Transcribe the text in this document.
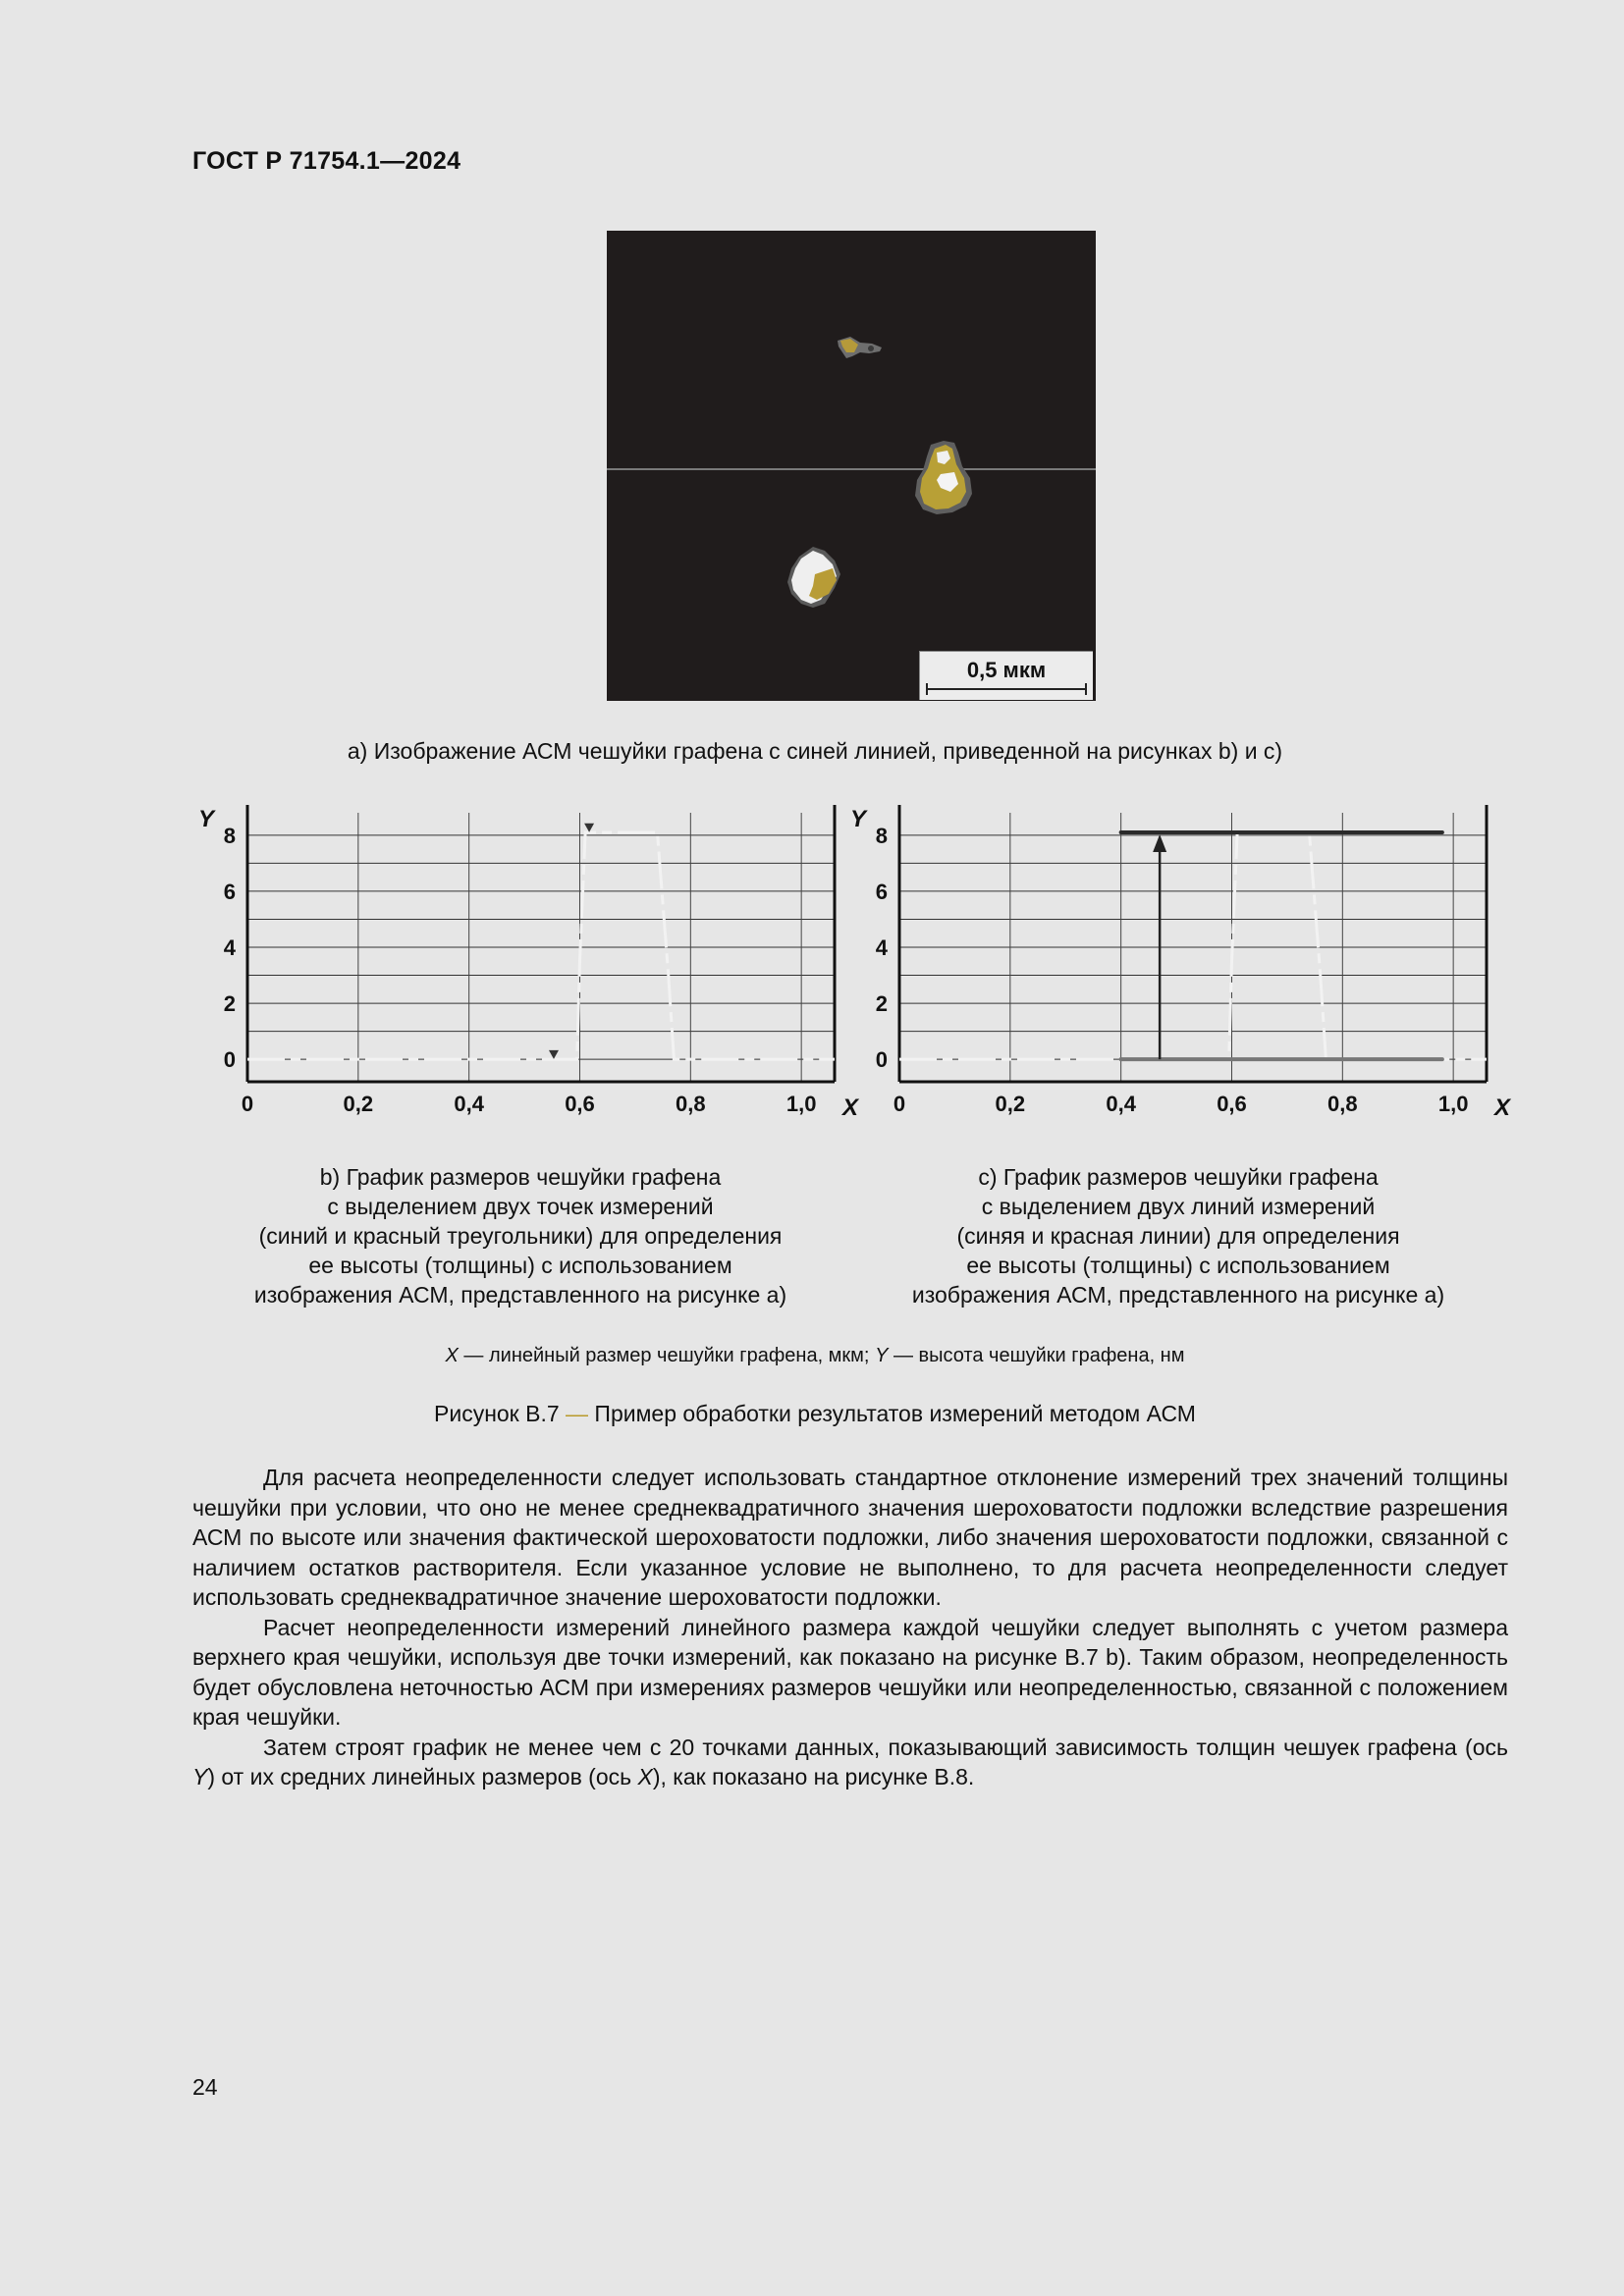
ГОСТ Р 71754.1—2024
0,5 мкм
а) Изображение АСМ чешуйки графена с синей линией, приведенной на рисунках b) и с)
0	0,2	0,4	0,6	0,8	1,0
0
2
4
6
8
X
Y
0	0,2	0,4	0,6	0,8	1,0
0
2
4
6
8
X
Y
b) График размеров чешуйки графена
с выделением двух точек измерений
(синий и красный треугольники) для определения
ее высоты (толщины) с использованием
изображения АСМ, представленного на рисунке а)
с) График размеров чешуйки графена
с выделением двух линий измерений
(синяя и красная линии) для определения
ее высоты (толщины) с использованием
изображения АСМ, представленного на рисунке а)
X — линейный размер чешуйки графена, мкм; Y — высота чешуйки графена, нм
Рисунок В.7 — Пример обработки результатов измерений методом АСМ

Для расчета неопределенности следует использовать стандартное отклонение измерений трех значений толщины чешуйки при условии, что оно не менее среднеквадратичного значения шероховатости подложки вследствие разрешения АСМ по высоте или значения фактической шероховатости подложки, либо значения шероховатости подложки, связанной с наличием остатков растворителя. Если указанное условие не выполнено, то для расчета неопределенности следует использовать среднеквадратичное значение шероховатости подложки.

Расчет неопределенности измерений линейного размера каждой чешуйки следует выполнять с учетом размера верхнего края чешуйки, используя две точки измерений, как показано на рисунке В.7 b). Таким образом, неопределенность будет обусловлена неточностью АСМ при измерениях размеров чешуйки или неопределенностью, связанной с положением края чешуйки.

Затем строят график не менее чем с 20 точками данных, показывающий зависимость толщин чешуек графена (ось Y) от их средних линейных размеров (ось X), как показано на рисунке В.8.

24
